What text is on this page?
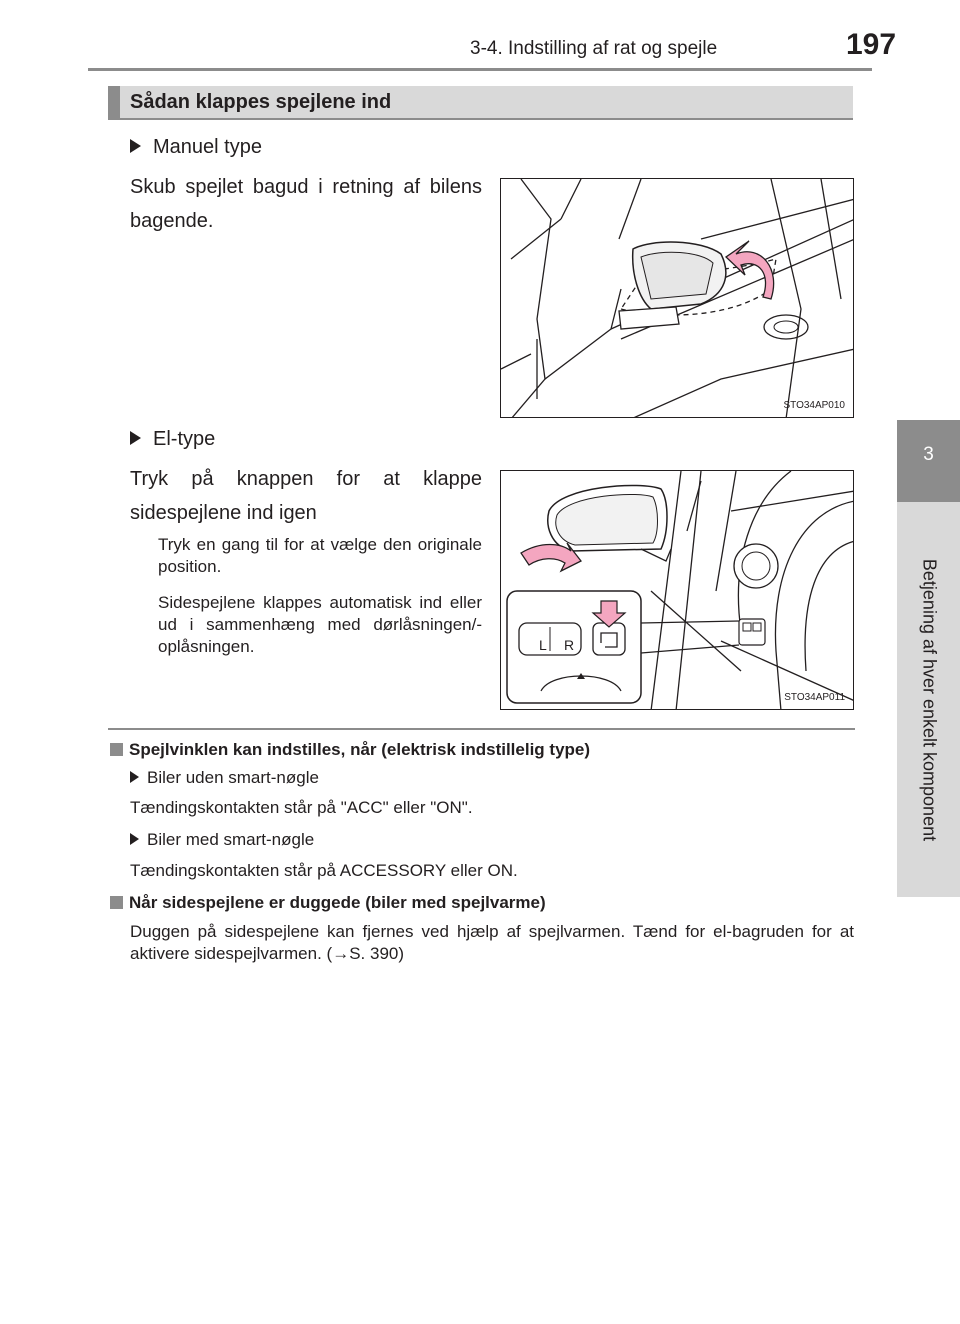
3-4. Indstilling af rat og spejle	197
3
Betjening af hver enkelt komponent
Sådan klappes spejlene ind
Manuel type
Skub spejlet bagud i retning af bilens bagende.
STO34AP010
El-type
Tryk på knappen for at klappe sidespejlene ind igen
Tryk en gang til for at vælge den originale position.
Sidespejlene klappes automatisk ind eller ud i sammenhæng med dørlåsningen/-oplåsningen.	L R
STO34AP011
Spejlvinklen kan indstilles, når (elektrisk indstillelig type)
Biler uden smart-nøgle
Tændingskontakten står på "ACC" eller "ON".
Biler med smart-nøgle
Tændingskontakten står på ACCESSORY eller ON.
Når sidespejlene er duggede (biler med spejlvarme)
Duggen på sidespejlene kan fjernes ved hjælp af spejlvarmen. Tænd for el-bagruden for at aktivere sidespejlvarmen. (→S. 390)
